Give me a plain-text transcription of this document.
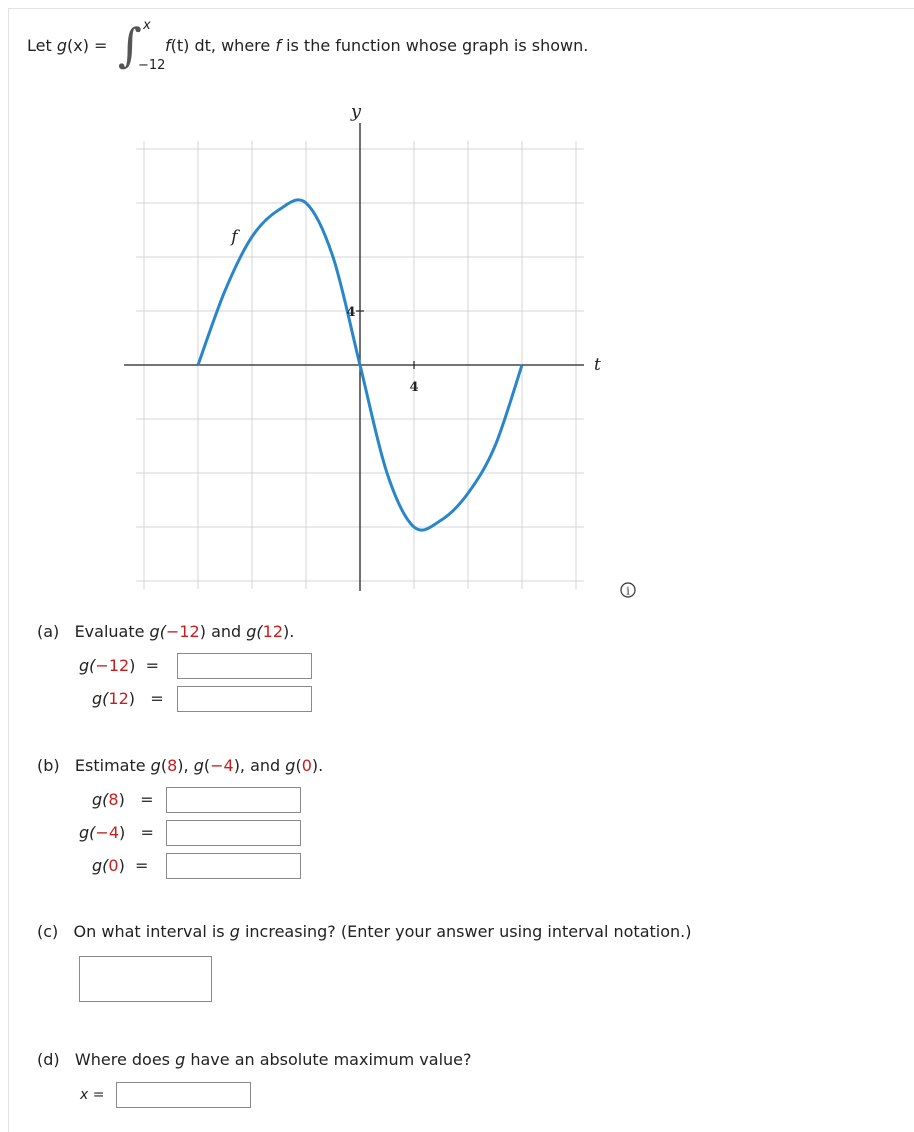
Let g(x) = ∫ x
−12
f(t) dt, where f is the function whose graph is shown.
y
t
f
4
4
i
(a) Evaluate g(−12) and g(12).
g(−12) =
g(12) =
(b) Estimate g(8), g(−4), and g(0).
g(8) =
g(−4) =
g(0) =
(c) On what interval is g increasing? (Enter your answer using interval notation.)
(d) Where does g have an absolute maximum value?
x =
